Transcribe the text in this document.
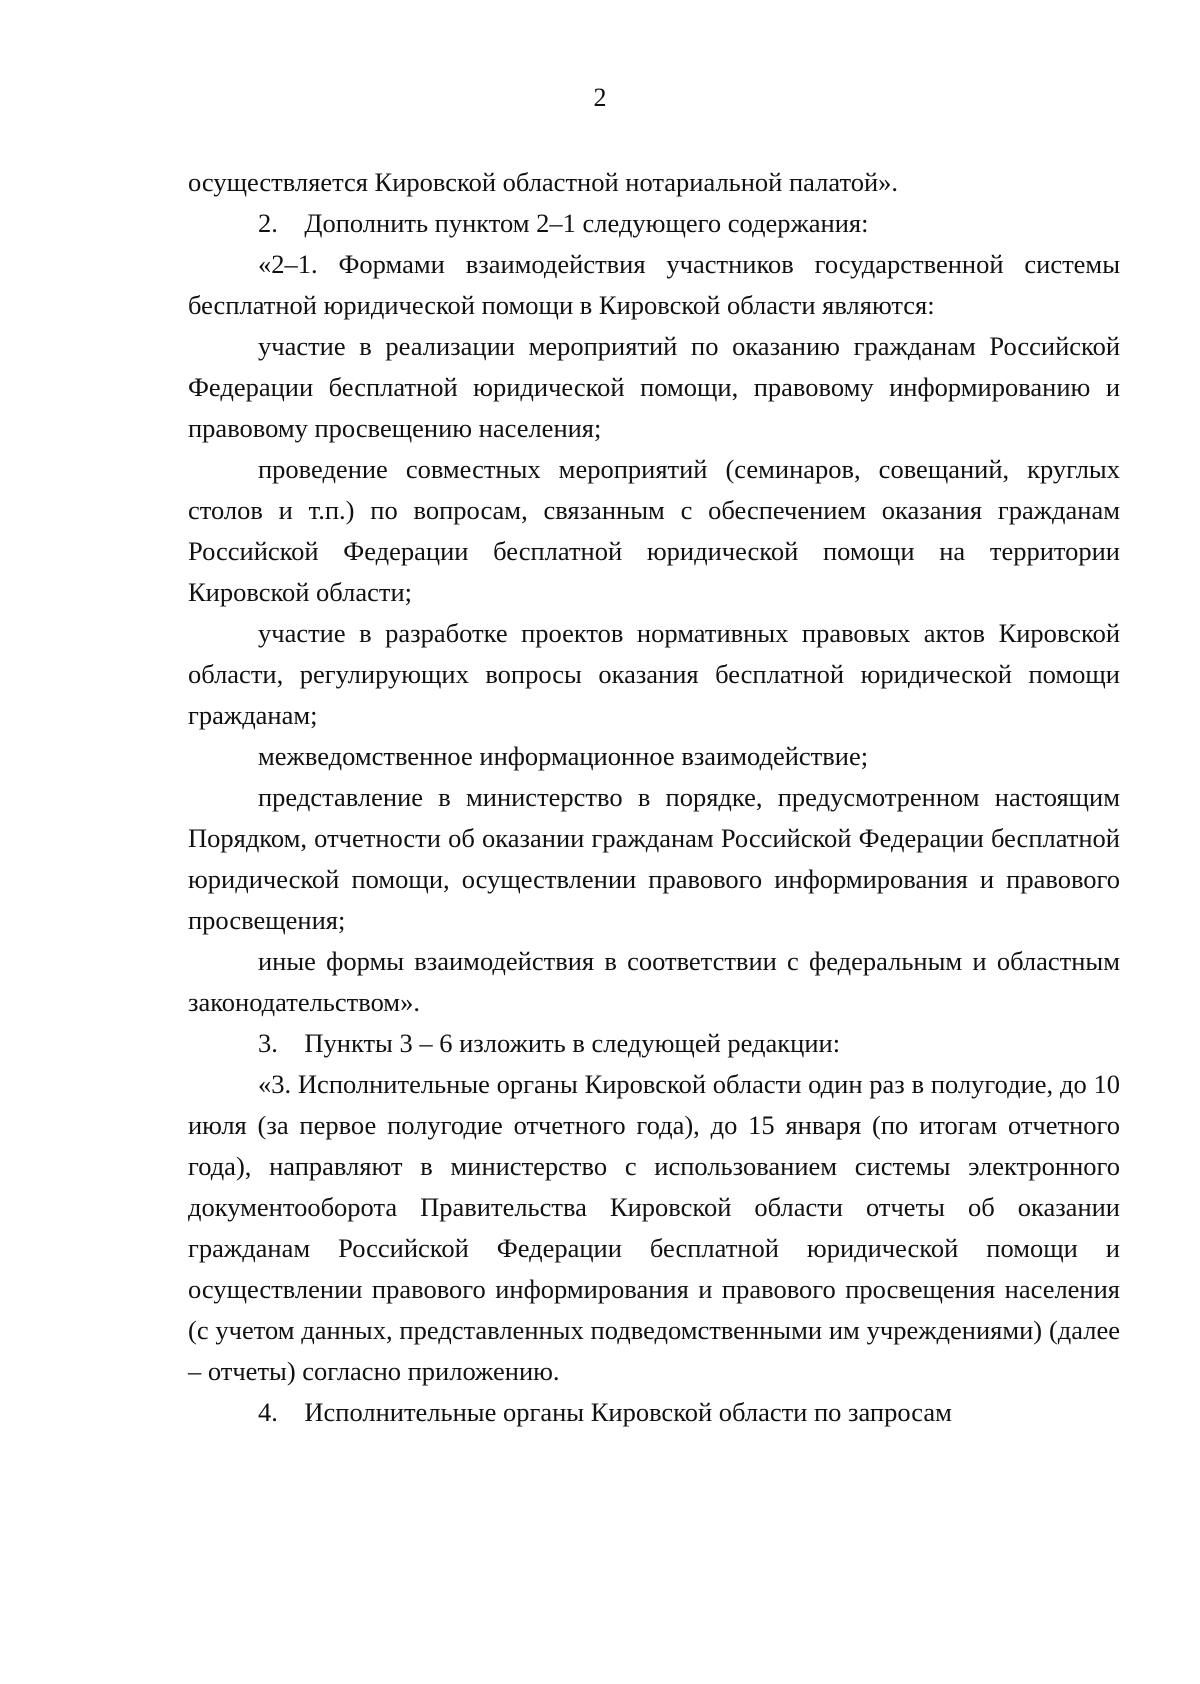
2

осуществляется Кировской областной нотариальной палатой».

2. Дополнить пунктом 2–1 следующего содержания:

«2–1. Формами взаимодействия участников государственной системы бесплатной юридической помощи в Кировской области являются:

участие в реализации мероприятий по оказанию гражданам Российской Федерации бесплатной юридической помощи, правовому информированию и правовому просвещению населения;

проведение совместных мероприятий (семинаров, совещаний, круглых столов и т.п.) по вопросам, связанным с обеспечением оказания гражданам Российской Федерации бесплатной юридической помощи на территории Кировской области;

участие в разработке проектов нормативных правовых актов Кировской области, регулирующих вопросы оказания бесплатной юридической помощи гражданам;

межведомственное информационное взаимодействие;

представление в министерство в порядке, предусмотренном настоящим Порядком, отчетности об оказании гражданам Российской Федерации бесплатной юридической помощи, осуществлении правового информирования и правового просвещения;

иные формы взаимодействия в соответствии с федеральным и областным законодательством».

3. Пункты 3 – 6 изложить в следующей редакции:

«3. Исполнительные органы Кировской области один раз в полугодие, до 10 июля (за первое полугодие отчетного года), до 15 января (по итогам отчетного года), направляют в министерство с использованием системы электронного документооборота Правительства Кировской области отчеты об оказании гражданам Российской Федерации бесплатной юридической помощи и осуществлении правового информирования и правового просвещения населения (с учетом данных, представленных подведомственными им учреждениями) (далее – отчеты) согласно приложению.

4. Исполнительные органы Кировской области по запросам
